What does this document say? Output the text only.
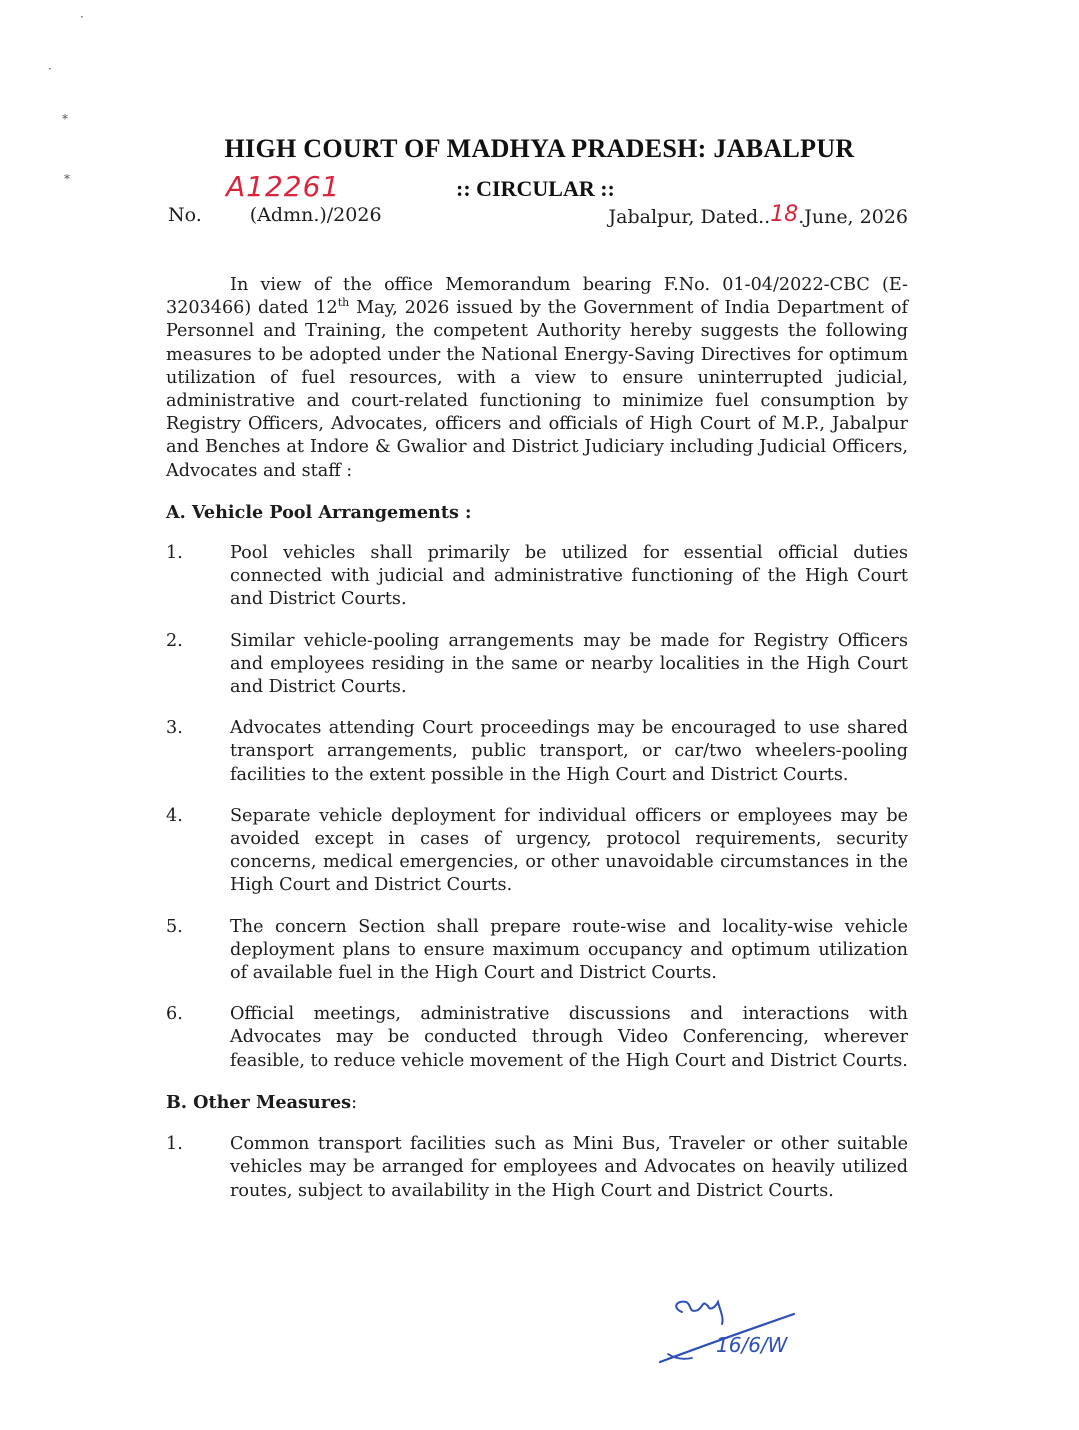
·
·
⁎
⁎
HIGH COURT OF MADHYA PRADESH: JABALPUR
A12261	:: CIRCULAR ::
No.	(Admn.)/2026	Jabalpur, Dated..18.June, 2026

In view of the office Memorandum bearing F.No. 01-04/2022-CBC (E-3203466) dated 12th May, 2026 issued by the Government of India Department of Personnel and Training, the competent Authority hereby suggests the following measures to be adopted under the National Energy-Saving Directives for optimum utilization of fuel resources, with a view to ensure uninterrupted judicial, administrative and court-related functioning to minimize fuel consumption by Registry Officers, Advocates, officers and officials of High Court of M.P., Jabalpur and Benches at Indore & Gwalior and District Judiciary including Judicial Officers, Advocates and staff :

A. Vehicle Pool Arrangements :
1.	Pool vehicles shall primarily be utilized for essential official duties connected with judicial and administrative functioning of the High Court and District Courts.
2.	Similar vehicle-pooling arrangements may be made for Registry Officers and employees residing in the same or nearby localities in the High Court and District Courts.
3.	Advocates attending Court proceedings may be encouraged to use shared transport arrangements, public transport, or car/two wheelers-pooling facilities to the extent possible in the High Court and District Courts.
4.	Separate vehicle deployment for individual officers or employees may be avoided except in cases of urgency, protocol requirements, security concerns, medical emergencies, or other unavoidable circumstances in the High Court and District Courts.
5.	The concern Section shall prepare route-wise and locality-wise vehicle deployment plans to ensure maximum occupancy and optimum utilization of available fuel in the High Court and District Courts.
6.	Official meetings, administrative discussions and interactions with Advocates may be conducted through Video Conferencing, wherever feasible, to reduce vehicle movement of the High Court and District Courts.
B. Other Measures:
1.	Common transport facilities such as Mini Bus, Traveler or other suitable vehicles may be arranged for employees and Advocates on heavily utilized routes, subject to availability in the High Court and District Courts.
16/6/W
